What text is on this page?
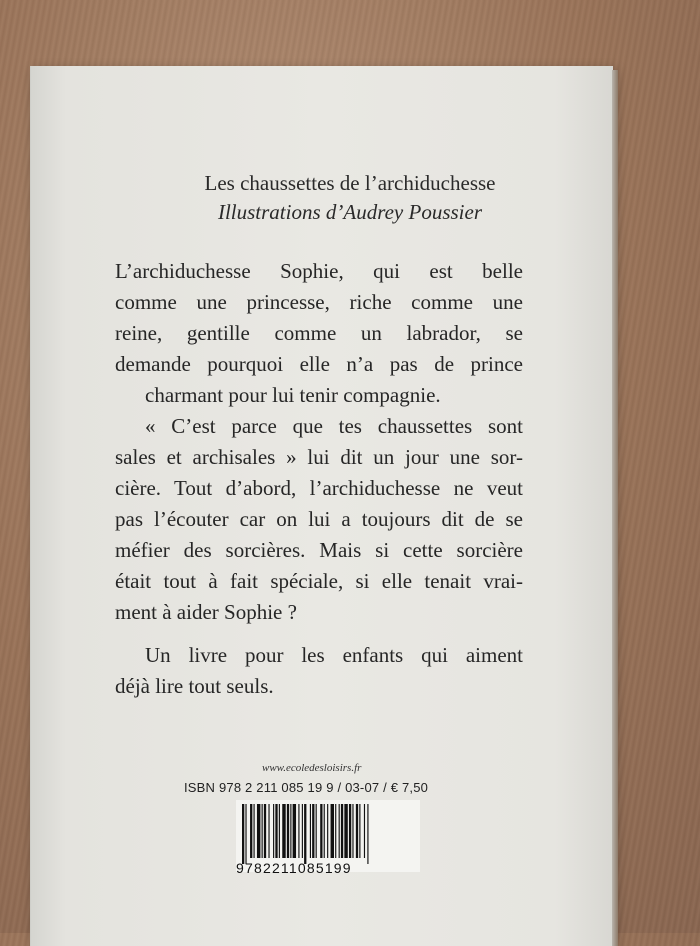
Les chaussettes de l’archiduchesse
Illustrations d’Audrey Poussier
L’archiduchesse Sophie, qui est belle
comme une princesse, riche comme une
reine, gentille comme un labrador, se
demande pourquoi elle n’a pas de prince
charmant pour lui tenir compagnie.
« C’est parce que tes chaussettes sont
sales et archisales » lui dit un jour une sor-
cière. Tout d’abord, l’archiduchesse ne veut
pas l’écouter car on lui a toujours dit de se
méfier des sorcières. Mais si cette sorcière
était tout à fait spéciale, si elle tenait vrai-
ment à aider Sophie ?
Un livre pour les enfants qui aiment
déjà lire tout seuls.
www.ecoledesloisirs.fr
ISBN 978 2 211 085 19 9 / 03-07 / € 7,50
9782211085199
